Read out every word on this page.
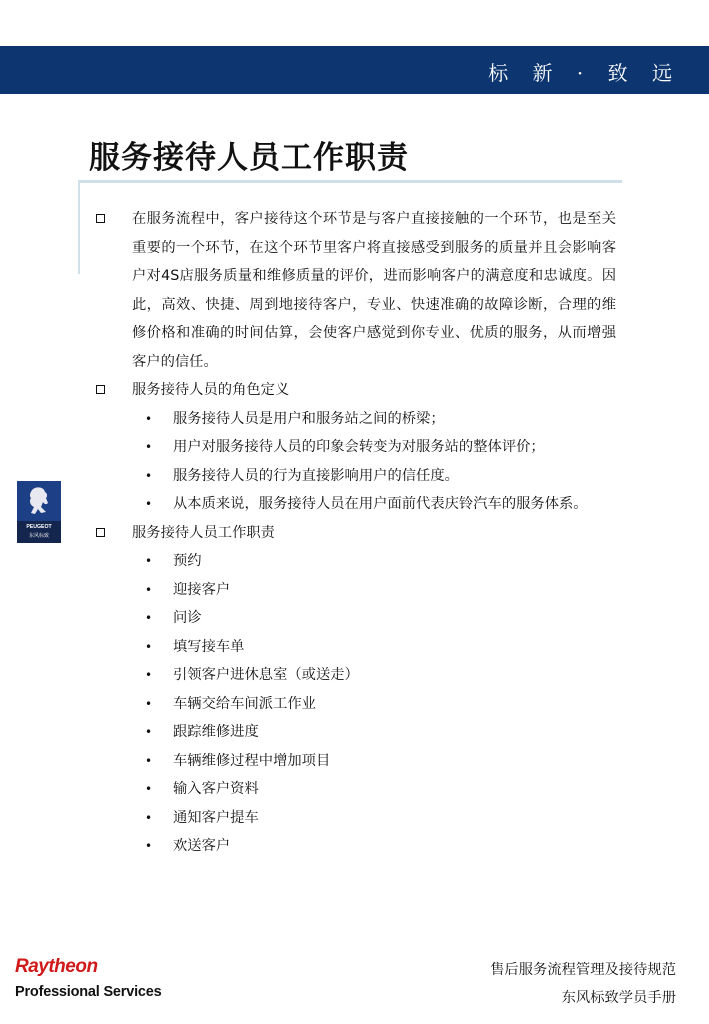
标 新 · 致 远
服务接待人员工作职责
在服务流程中，客户接待这个环节是与客户直接接触的一个环节，也是至关重要的一个环节，在这个环节里客户将直接感受到服务的质量并且会影响客户对4S店服务质量和维修质量的评价，进而影响客户的满意度和忠诚度。因此，高效、快捷、周到地接待客户，专业、快速准确的故障诊断，合理的维修价格和准确的时间估算，会使客户感觉到你专业、优质的服务，从而增强客户的信任。
服务接待人员的角色定义
• 服务接待人员是用户和服务站之间的桥梁；
• 用户对服务接待人员的印象会转变为对服务站的整体评价；
• 服务接待人员的行为直接影响用户的信任度。
• 从本质来说，服务接待人员在用户面前代表庆铃汽车的服务体系。
服务接待人员工作职责
• 预约
• 迎接客户
• 问诊
• 填写接车单
• 引领客户进休息室（或送走）
• 车辆交给车间派工作业
• 跟踪维修进度
• 车辆维修过程中增加项目
• 输入客户资料
• 通知客户提车
• 欢送客户
PEUGEOT
东风标致
Raytheon
Professional Services
售后服务流程管理及接待规范
东风标致学员手册
